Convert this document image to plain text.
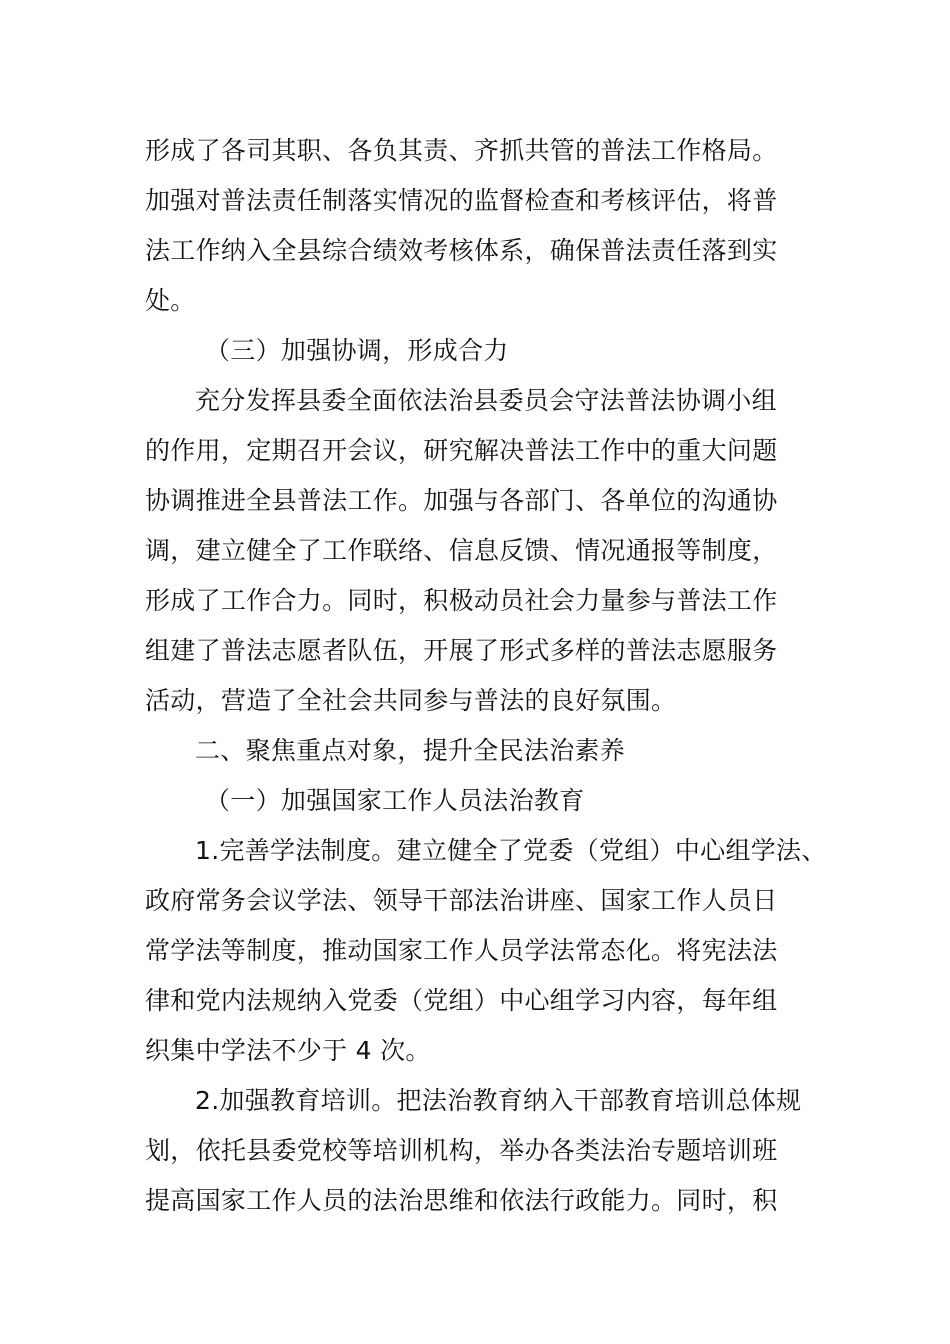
形成了各司其职、各负其责、齐抓共管的普法工作格局。
加强对普法责任制落实情况的监督检查和考核评估，将普
法工作纳入全县综合绩效考核体系，确保普法责任落到实
处。
（三）加强协调，形成合力
充分发挥县委全面依法治县委员会守法普法协调小组
的作用，定期召开会议，研究解决普法工作中的重大问题
协调推进全县普法工作。加强与各部门、各单位的沟通协
调，建立健全了工作联络、信息反馈、情况通报等制度，
形成了工作合力。同时，积极动员社会力量参与普法工作
组建了普法志愿者队伍，开展了形式多样的普法志愿服务
活动，营造了全社会共同参与普法的良好氛围。
二、聚焦重点对象，提升全民法治素养
（一）加强国家工作人员法治教育
1.完善学法制度。建立健全了党委（党组）中心组学法、
政府常务会议学法、领导干部法治讲座、国家工作人员日
常学法等制度，推动国家工作人员学法常态化。将宪法法
律和党内法规纳入党委（党组）中心组学习内容，每年组
织集中学法不少于 4 次。
2.加强教育培训。把法治教育纳入干部教育培训总体规
划，依托县委党校等培训机构，举办各类法治专题培训班
提高国家工作人员的法治思维和依法行政能力。同时，积
